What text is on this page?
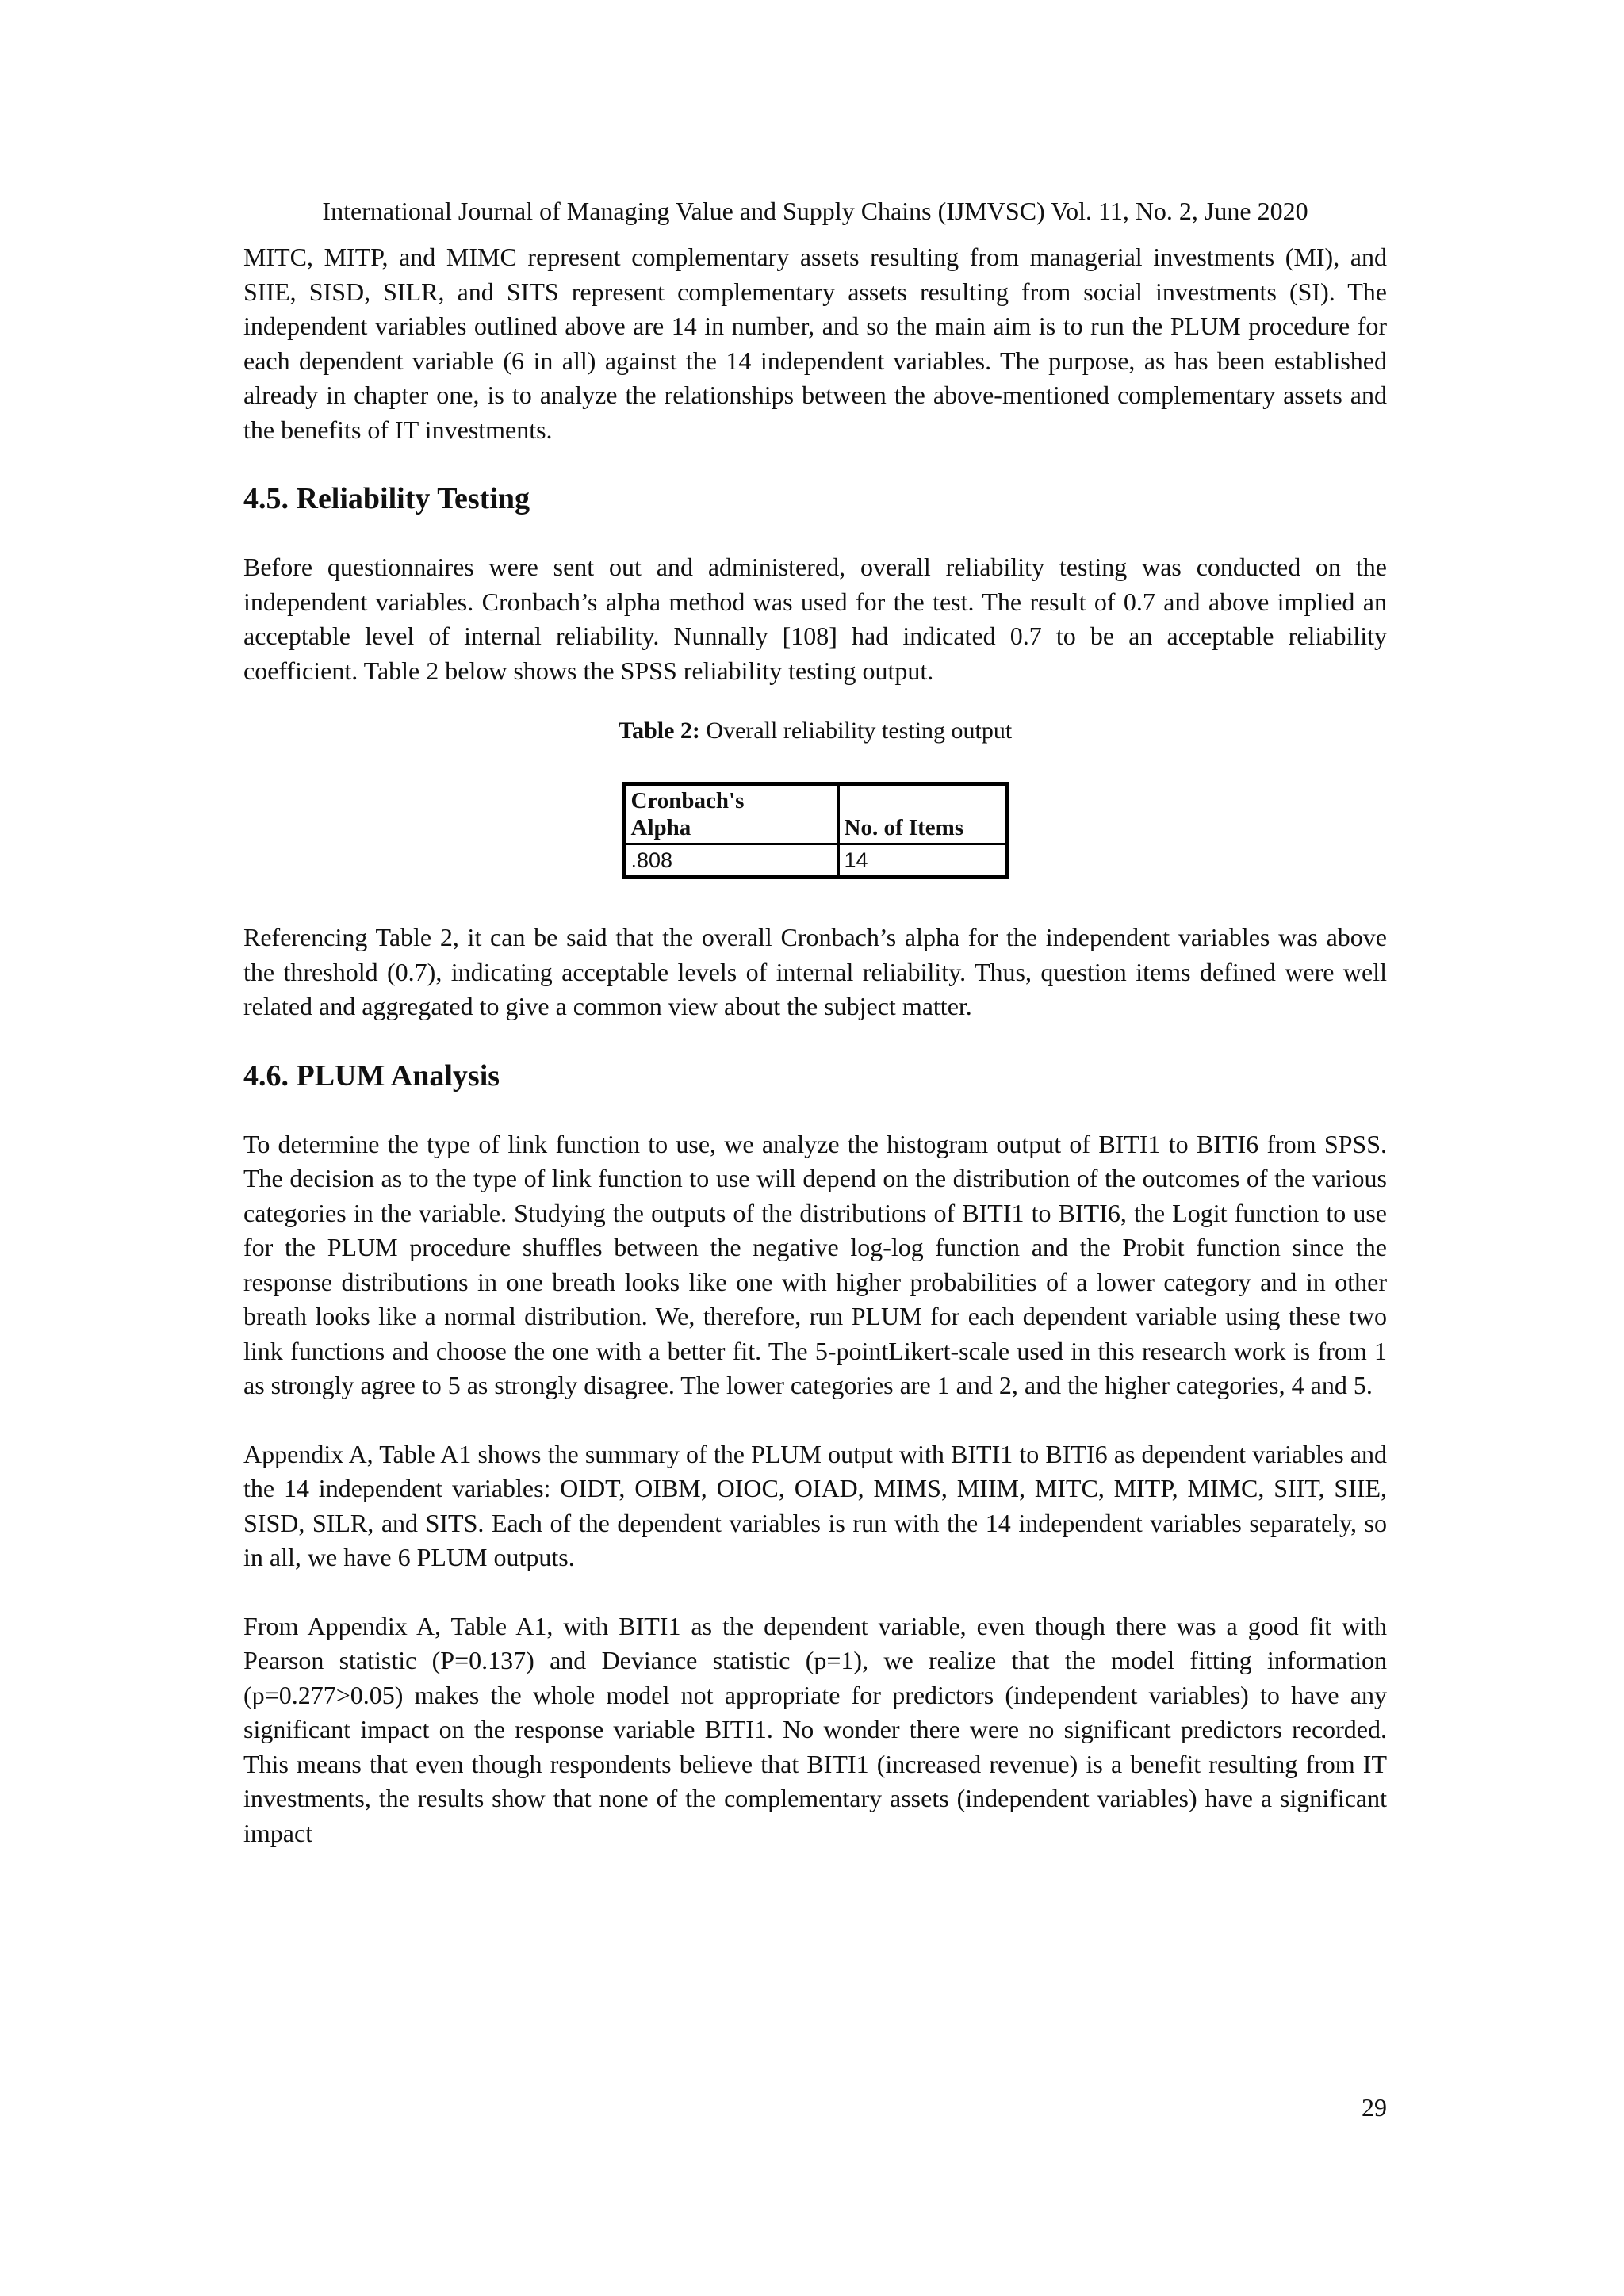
International Journal of Managing Value and Supply Chains (IJMVSC) Vol. 11, No. 2, June 2020

MITC, MITP, and MIMC represent complementary assets resulting from managerial investments (MI), and SIIE, SISD, SILR, and SITS represent complementary assets resulting from social investments (SI). The independent variables outlined above are 14 in number, and so the main aim is to run the PLUM procedure for each dependent variable (6 in all) against the 14 independent variables. The purpose, as has been established already in chapter one, is to analyze the relationships between the above-mentioned complementary assets and the benefits of IT investments.

4.5. Reliability Testing

Before questionnaires were sent out and administered, overall reliability testing was conducted on the independent variables. Cronbach’s alpha method was used for the test. The result of 0.7 and above implied an acceptable level of internal reliability. Nunnally [108] had indicated 0.7 to be an acceptable reliability coefficient. Table 2 below shows the SPSS reliability testing output.

Table 2: Overall reliability testing output
Cronbach's
Alpha	No. of Items
.808	14

Referencing Table 2, it can be said that the overall Cronbach’s alpha for the independent variables was above the threshold (0.7), indicating acceptable levels of internal reliability. Thus, question items defined were well related and aggregated to give a common view about the subject matter.

4.6. PLUM Analysis

To determine the type of link function to use, we analyze the histogram output of BITI1 to BITI6 from SPSS. The decision as to the type of link function to use will depend on the distribution of the outcomes of the various categories in the variable. Studying the outputs of the distributions of BITI1 to BITI6, the Logit function to use for the PLUM procedure shuffles between the negative log-log function and the Probit function since the response distributions in one breath looks like one with higher probabilities of a lower category and in other breath looks like a normal distribution. We, therefore, run PLUM for each dependent variable using these two link functions and choose the one with a better fit. The 5-pointLikert-scale used in this research work is from 1 as strongly agree to 5 as strongly disagree. The lower categories are 1 and 2, and the higher categories, 4 and 5.

Appendix A, Table A1 shows the summary of the PLUM output with BITI1 to BITI6 as dependent variables and the 14 independent variables: OIDT, OIBM, OIOC, OIAD, MIMS, MIIM, MITC, MITP, MIMC, SIIT, SIIE, SISD, SILR, and SITS. Each of the dependent variables is run with the 14 independent variables separately, so in all, we have 6 PLUM outputs.

From Appendix A, Table A1, with BITI1 as the dependent variable, even though there was a good fit with Pearson statistic (P=0.137) and Deviance statistic (p=1), we realize that the model fitting information (p=0.277>0.05) makes the whole model not appropriate for predictors (independent variables) to have any significant impact on the response variable BITI1. No wonder there were no significant predictors recorded. This means that even though respondents believe that BITI1 (increased revenue) is a benefit resulting from IT investments, the results show that none of the complementary assets (independent variables) have a significant impact

29
